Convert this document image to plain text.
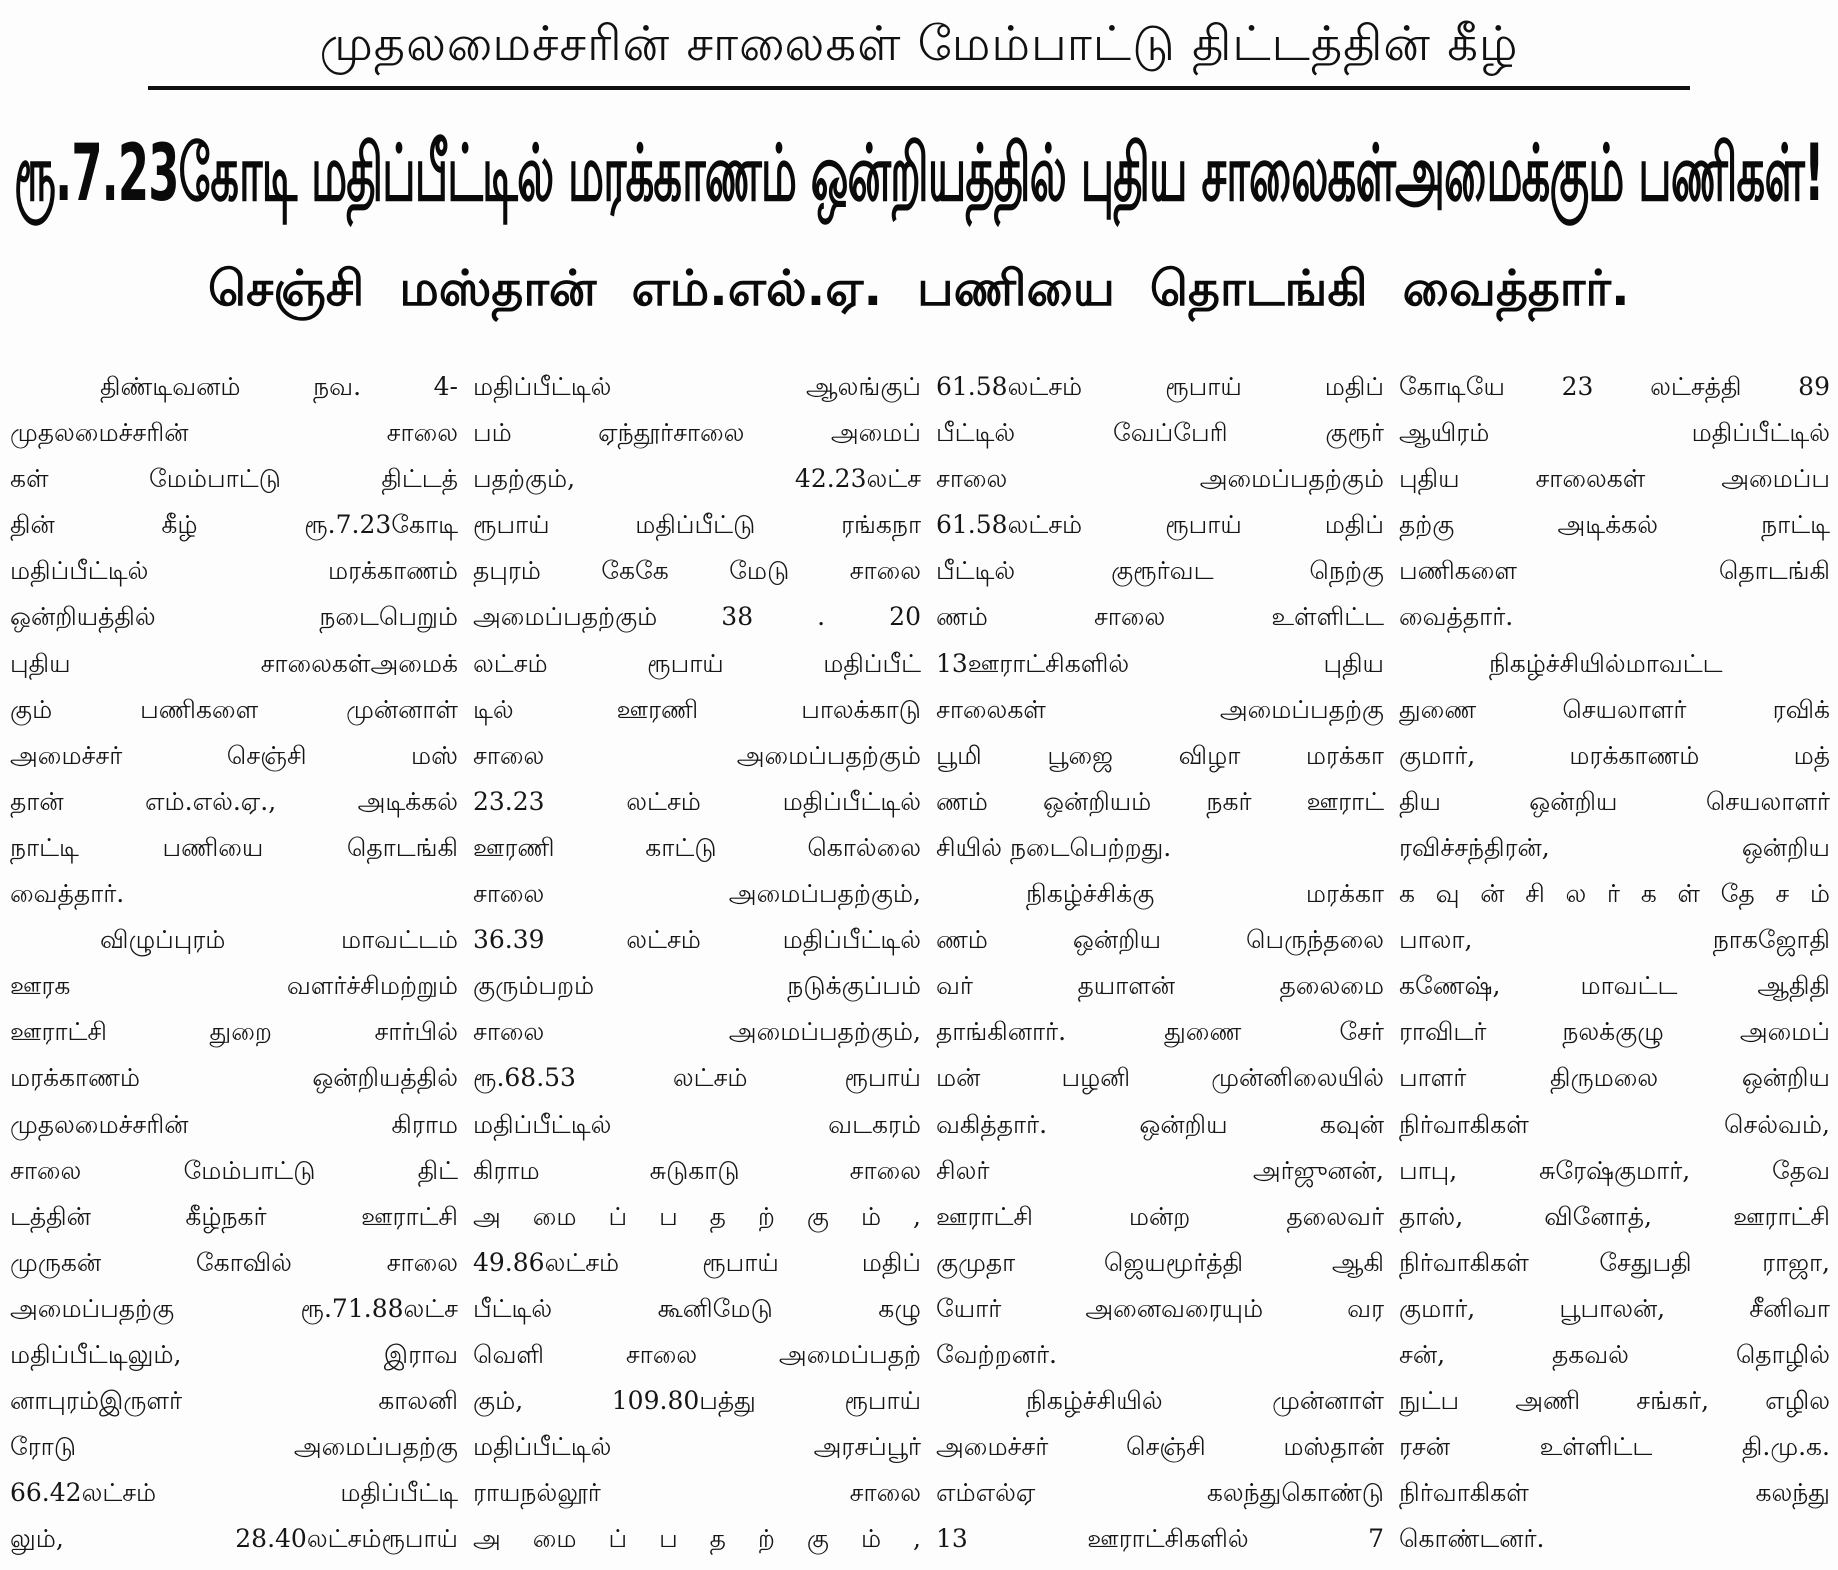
முதலமைச்சரின் சாலைகள் மேம்பாட்டு திட்டத்தின் கீழ்
ரூ.7.23கோடி மதிப்பீட்டில் மரக்காணம் ஒன்றியத்தில் புதிய சாலைகள்அமைக்கும் பணிகள்!
செஞ்சி மஸ்தான் எம்.எல்.ஏ. பணியை தொடங்கி வைத்தார்.
திண்டிவனம் நவ. 4-
முதலமைச்சரின் சாலை
கள் மேம்பாட்டு திட்டத்
தின் கீழ் ரூ.7.23கோடி
மதிப்பீட்டில் மரக்காணம்
ஒன்றியத்தில் நடைபெறும்
புதிய சாலைகள்அமைக்
கும் பணிகளை முன்னாள்
அமைச்சர் செஞ்சி மஸ்
தான் எம்.எல்.ஏ., அடிக்கல்
நாட்டி பணியை தொடங்கி
வைத்தார்.
விழுப்புரம் மாவட்டம்
ஊரக வளர்ச்சிமற்றும்
ஊராட்சி துறை சார்பில்
மரக்காணம் ஒன்றியத்தில்
முதலமைச்சரின் கிராம
சாலை மேம்பாட்டு திட்
டத்தின் கீழ்நகர் ஊராட்சி
முருகன் கோவில் சாலை
அமைப்பதற்கு ரூ.71.88லட்ச
மதிப்பீட்டிலும், இராவ
னாபுரம்இருளர் காலனி
ரோடு அமைப்பதற்கு
66.42லட்சம் மதிப்பீட்டி
லும், 28.40லட்சம்ரூபாய்
மதிப்பீட்டில் ஆலங்குப்
பம் ஏந்தூர்சாலை அமைப்
பதற்கும், 42.23லட்ச
ரூபாய் மதிப்பீட்டு ரங்கநா
தபுரம் கேகே மேடு சாலை
அமைப்பதற்கும் 38 . 20
லட்சம் ரூபாய் மதிப்பீட்
டில் ஊரணி பாலக்காடு
சாலை அமைப்பதற்கும்
23.23 லட்சம் மதிப்பீட்டில்
ஊரணி காட்டு கொல்லை
சாலை அமைப்பதற்கும்,
36.39 லட்சம் மதிப்பீட்டில்
குரும்பறம் நடுக்குப்பம்
சாலை அமைப்பதற்கும்,
ரூ.68.53 லட்சம் ரூபாய்
மதிப்பீட்டில் வடகரம்
கிராம சுடுகாடு சாலை
அ மை ப் ப த ற் கு ம் ,
49.86லட்சம் ரூபாய் மதிப்
பீட்டில் கூனிமேடு கழு
வெளி சாலை அமைப்பதற்
கும், 109.80பத்து ரூபாய்
மதிப்பீட்டில் அரசப்பூர்
ராயநல்லூர் சாலை
அ மை ப் ப த ற் கு ம் ,
61.58லட்சம் ரூபாய் மதிப்
பீட்டில் வேப்பேரி குரூர்
சாலை அமைப்பதற்கும்
61.58லட்சம் ரூபாய் மதிப்
பீட்டில் குரூர்வட நெற்கு
ணம் சாலை உள்ளிட்ட
13ஊராட்சிகளில் புதிய
சாலைகள் அமைப்பதற்கு
பூமி பூஜை விழா மரக்கா
ணம் ஒன்றியம் நகர் ஊராட்
சியில் நடைபெற்றது.
நிகழ்ச்சிக்கு மரக்கா
ணம் ஒன்றிய பெருந்தலை
வர் தயாளன் தலைமை
தாங்கினார். துணை சேர்
மன் பழனி முன்னிலையில்
வகித்தார். ஒன்றிய கவுன்
சிலர் அர்ஜுனன்,
ஊராட்சி மன்ற தலைவர்
குமுதா ஜெயமூர்த்தி ஆகி
யோர் அனைவரையும் வர
வேற்றனர்.
நிகழ்ச்சியில் முன்னாள்
அமைச்சர் செஞ்சி மஸ்தான்
எம்எல்ஏ கலந்துகொண்டு
13 ஊராட்சிகளில் 7
கோடியே 23 லட்சத்தி 89
ஆயிரம் மதிப்பீட்டில்
புதிய சாலைகள் அமைப்ப
தற்கு அடிக்கல் நாட்டி
பணிகளை தொடங்கி
வைத்தார்.
நிகழ்ச்சியில்மாவட்ட
துணை செயலாளர் ரவிக்
குமார், மரக்காணம் மத்
திய ஒன்றிய செயலாளர்
ரவிச்சந்திரன், ஒன்றிய
க வு ன் சி ல ர் க ள் தே ச ம்
பாலா, நாகஜோதி
கணேஷ், மாவட்ட ஆதிதி
ராவிடர் நலக்குழு அமைப்
பாளர் திருமலை ஒன்றிய
நிர்வாகிகள் செல்வம்,
பாபு, சுரேஷ்குமார், தேவ
தாஸ், வினோத், ஊராட்சி
நிர்வாகிகள் சேதுபதி ராஜா,
குமார், பூபாலன், சீனிவா
சன், தகவல் தொழில்
நுட்ப அணி சங்கர், எழில
ரசன் உள்ளிட்ட தி.மு.க.
நிர்வாகிகள் கலந்து
கொண்டனர்.
